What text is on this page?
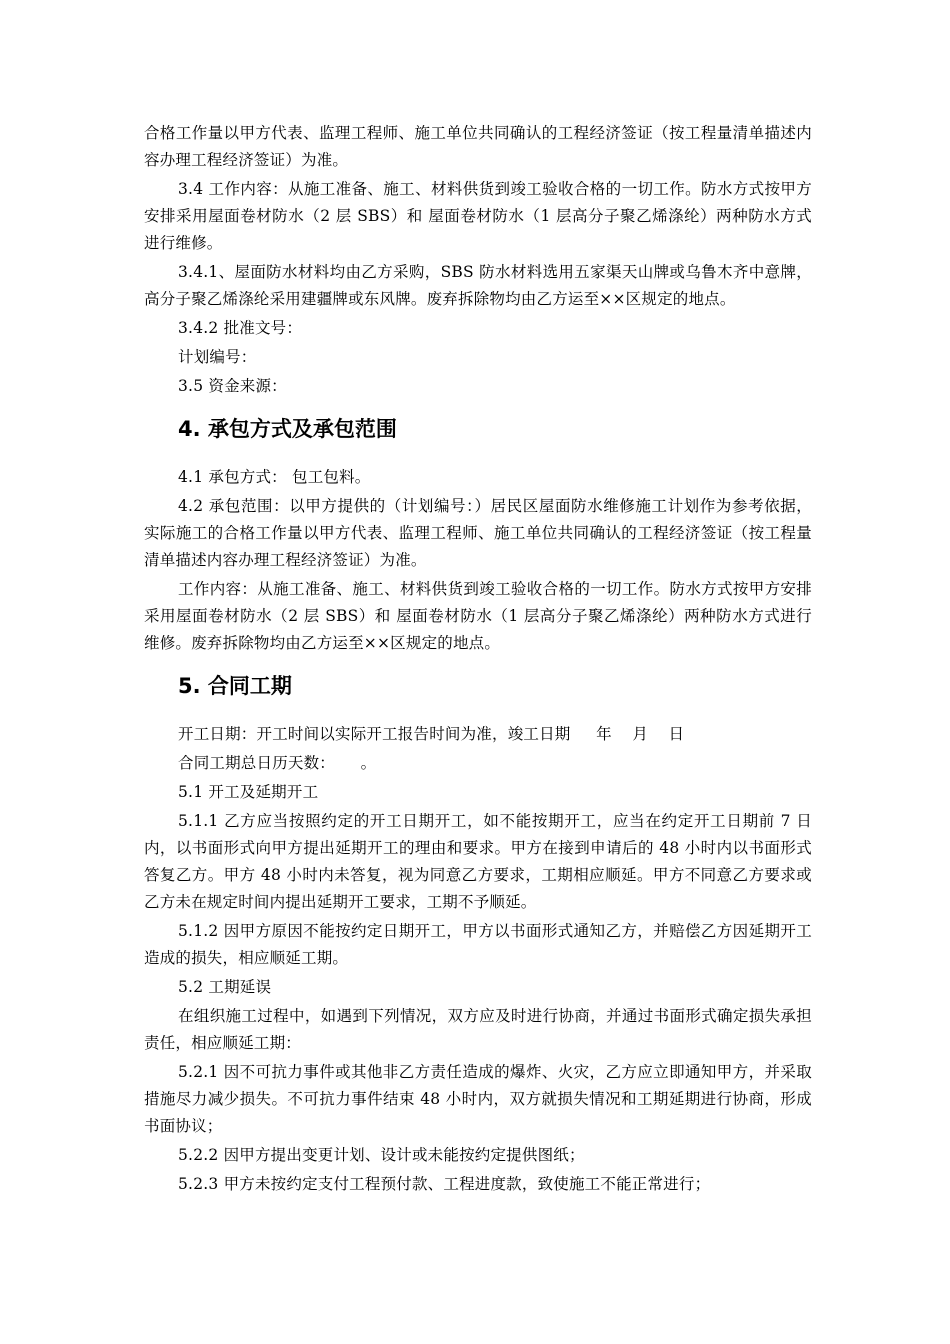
合格工作量以甲方代表、监理工程师、施工单位共同确认的工程经济签证（按工程量清单描述内容办理工程经济签证）为准。

3.4 工作内容：从施工准备、施工、材料供货到竣工验收合格的一切工作。防水方式按甲方安排采用屋面卷材防水（2 层 SBS）和 屋面卷材防水（1 层高分子聚乙烯涤纶）两种防水方式进行维修。

3.4.1、屋面防水材料均由乙方采购，SBS 防水材料选用五家渠天山牌或乌鲁木齐中意牌，高分子聚乙烯涤纶采用建疆牌或东风牌。废弃拆除物均由乙方运至××区规定的地点。

3.4.2 批准文号：

计划编号：

3.5 资金来源：

4. 承包方式及承包范围

4.1 承包方式： 包工包料。

4.2 承包范围：以甲方提供的（计划编号：）居民区屋面防水维修施工计划作为参考依据，实际施工的合格工作量以甲方代表、监理工程师、施工单位共同确认的工程经济签证（按工程量清单描述内容办理工程经济签证）为准。

工作内容：从施工准备、施工、材料供货到竣工验收合格的一切工作。防水方式按甲方安排采用屋面卷材防水（2 层 SBS）和 屋面卷材防水（1 层高分子聚乙烯涤纶）两种防水方式进行维修。废弃拆除物均由乙方运至××区规定的地点。

5. 合同工期

开工日期：开工时间以实际开工报告时间为准，竣工日期     年    月    日

合同工期总日历天数：     。

5.1 开工及延期开工

5.1.1 乙方应当按照约定的开工日期开工，如不能按期开工，应当在约定开工日期前 7 日内，以书面形式向甲方提出延期开工的理由和要求。甲方在接到申请后的 48 小时内以书面形式答复乙方。甲方 48 小时内未答复，视为同意乙方要求，工期相应顺延。甲方不同意乙方要求或乙方未在规定时间内提出延期开工要求，工期不予顺延。

5.1.2 因甲方原因不能按约定日期开工，甲方以书面形式通知乙方，并赔偿乙方因延期开工造成的损失，相应顺延工期。

5.2 工期延误

在组织施工过程中，如遇到下列情况，双方应及时进行协商，并通过书面形式确定损失承担责任，相应顺延工期：

5.2.1 因不可抗力事件或其他非乙方责任造成的爆炸、火灾，乙方应立即通知甲方，并采取措施尽力减少损失。不可抗力事件结束 48 小时内，双方就损失情况和工期延期进行协商，形成书面协议；

5.2.2 因甲方提出变更计划、设计或未能按约定提供图纸；

5.2.3 甲方未按约定支付工程预付款、工程进度款，致使施工不能正常进行；
